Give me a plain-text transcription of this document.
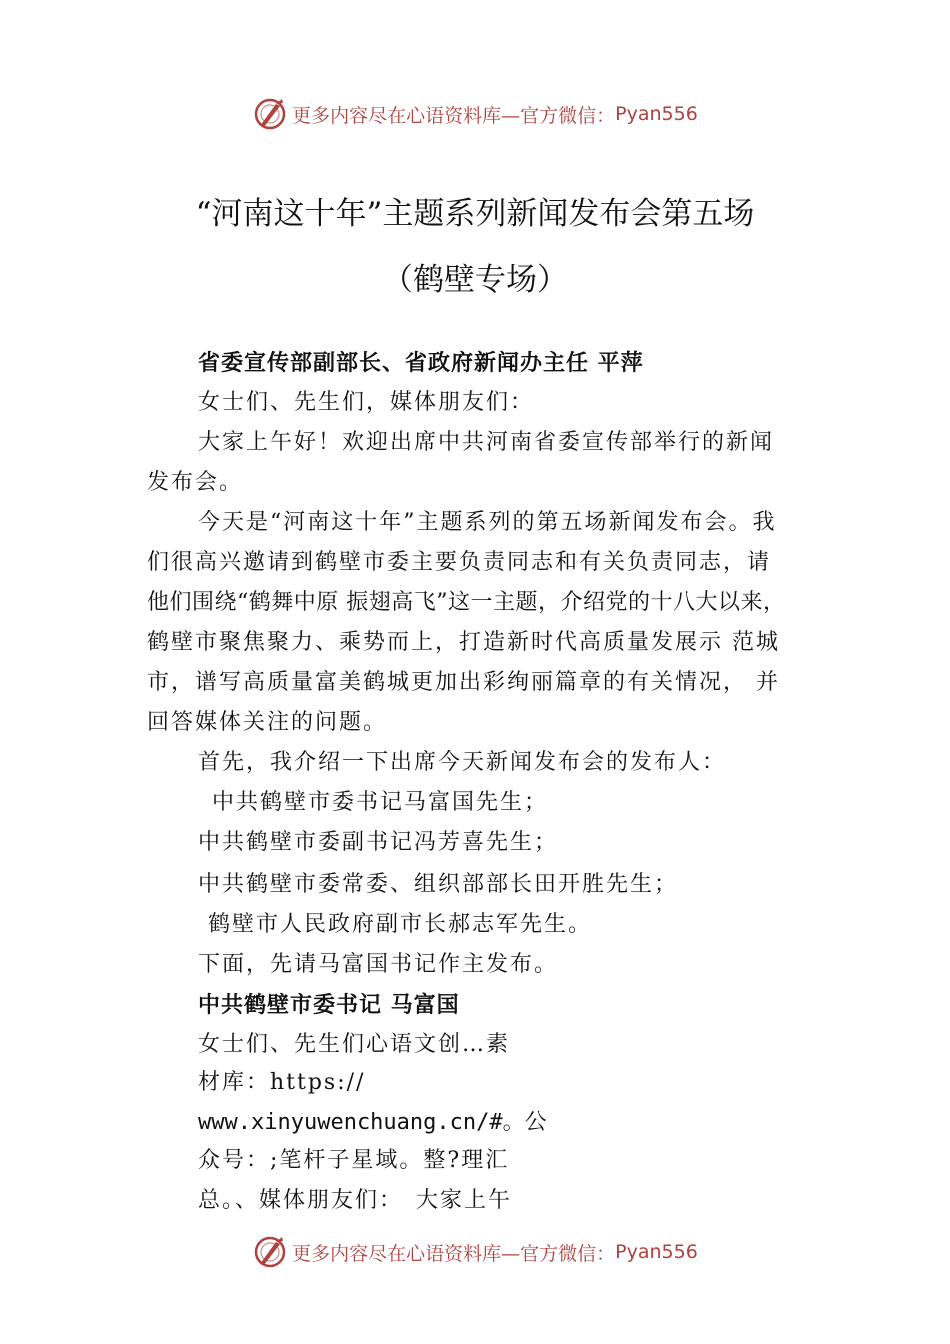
更多内容尽在心语资料库—官方微信： Pyan556
“河南这十年”主题系列新闻发布会第五场
（鹤壁专场）
省委宣传部副部长、省政府新闻办主任 平萍
女士们、先生们，媒体朋友们：
大家上午好！欢迎出席中共河南省委宣传部举行的新闻
发布会。
今天是“河南这十年”主题系列的第五场新闻发布会。我
们很高兴邀请到鹤壁市委主要负责同志和有关负责同志，请
他们围绕“鹤舞中原 振翅高飞”这一主题，介绍党的十八大以来，
鹤壁市聚焦聚力、乘势而上，打造新时代高质量发展示 范城
市，谱写高质量富美鹤城更加出彩绚丽篇章的有关情况， 并
回答媒体关注的问题。
首先，我介绍一下出席今天新闻发布会的发布人：
中共鹤壁市委书记马富国先生；
中共鹤壁市委副书记冯芳喜先生；
中共鹤壁市委常委、组织部部长田开胜先生；
鹤壁市人民政府副市长郝志军先生。
下面，先请马富国书记作主发布。
中共鹤壁市委书记 马富国
女士们、先生们心语文创…素
材库：https://
www.xinyuwenchuang.cn/#。公
众号：;笔杆子星域。整?理汇
总。、媒体朋友们：　大家上午
更多内容尽在心语资料库—官方微信： Pyan556
